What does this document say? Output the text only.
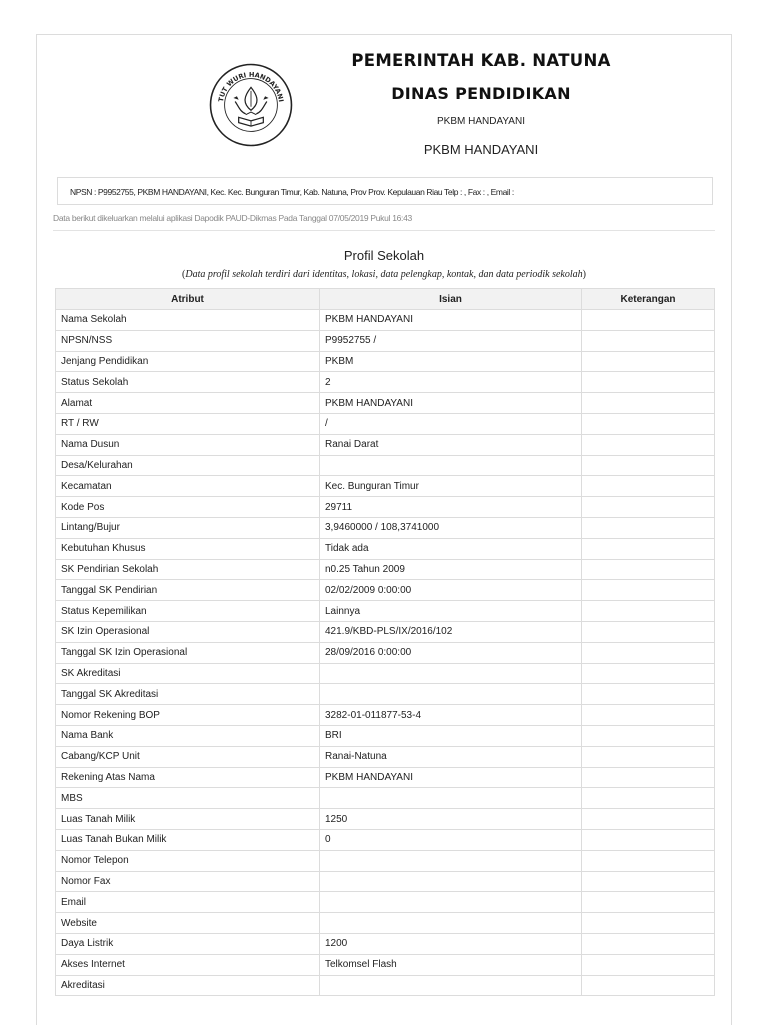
TUT WURI HANDAYANI
PEMERINTAH KAB. NATUNA
DINAS PENDIDIKAN
PKBM HANDAYANI
PKBM HANDAYANI
NPSN : P9952755, PKBM HANDAYANI, Kec. Kec. Bunguran Timur, Kab. Natuna, Prov Prov. Kepulauan Riau Telp : , Fax : , Email :
Data berikut dikeluarkan melalui aplikasi Dapodik PAUD-Dikmas Pada Tanggal 07/05/2019 Pukul 16:43
Profil Sekolah
(Data profil sekolah terdiri dari identitas, lokasi, data pelengkap, kontak, dan data periodik sekolah)
Atribut	Isian	Keterangan
Nama Sekolah	PKBM HANDAYANI	
NPSN/NSS	P9952755 /	
Jenjang Pendidikan	PKBM	
Status Sekolah	2	
Alamat	PKBM HANDAYANI	
RT / RW	/	
Nama Dusun	Ranai Darat	
Desa/Kelurahan		
Kecamatan	Kec. Bunguran Timur	
Kode Pos	29711	
Lintang/Bujur	3,9460000 / 108,3741000	
Kebutuhan Khusus	Tidak ada	
SK Pendirian Sekolah	n0.25 Tahun 2009	
Tanggal SK Pendirian	02/02/2009 0:00:00	
Status Kepemilikan	Lainnya	
SK Izin Operasional	421.9/KBD-PLS/IX/2016/102	
Tanggal SK Izin Operasional	28/09/2016 0:00:00	
SK Akreditasi		
Tanggal SK Akreditasi		
Nomor Rekening BOP	3282-01-011877-53-4	
Nama Bank	BRI	
Cabang/KCP Unit	Ranai-Natuna	
Rekening Atas Nama	PKBM HANDAYANI	
MBS		
Luas Tanah Milik	1250	
Luas Tanah Bukan Milik	0	
Nomor Telepon		
Nomor Fax		
Email		
Website		
Daya Listrik	1200	
Akses Internet	Telkomsel Flash	
Akreditasi		
